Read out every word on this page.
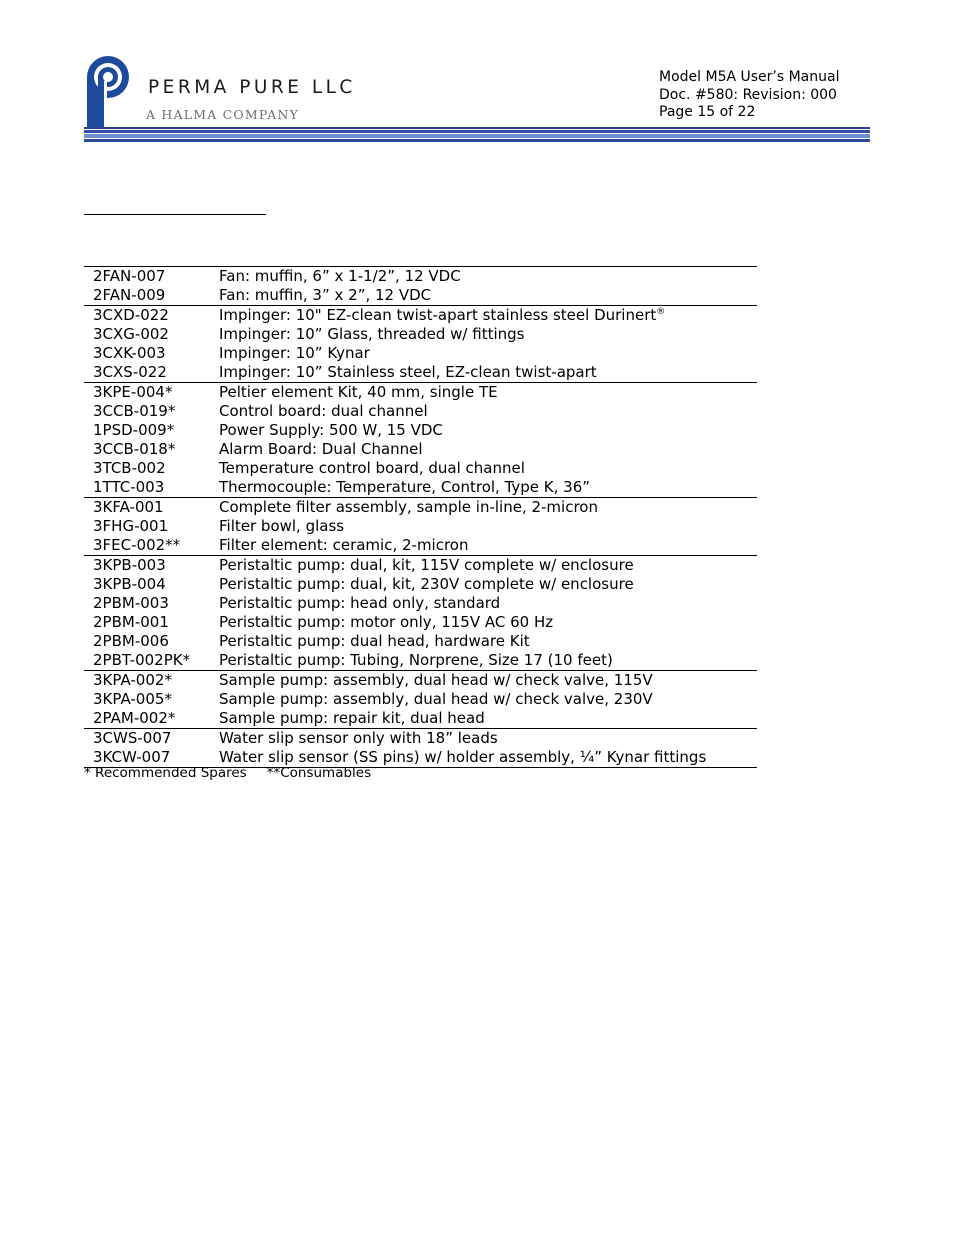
PERMA PURE LLC
A HALMA COMPANY
Model M5A User’s Manual
Doc. #580: Revision: 000
Page 15 of 22
2FAN-007	Fan: muffin, 6” x 1-1/2”, 12 VDC
2FAN-009	Fan: muffin, 3” x 2”, 12 VDC
3CXD-022	Impinger: 10" EZ-clean twist-apart stainless steel Durinert®
3CXG-002	Impinger: 10” Glass, threaded w/ fittings
3CXK-003	Impinger: 10” Kynar
3CXS-022	Impinger: 10” Stainless steel, EZ-clean twist-apart
3KPE-004*	Peltier element Kit, 40 mm, single TE
3CCB-019*	Control board: dual channel
1PSD-009*	Power Supply: 500 W, 15 VDC
3CCB-018*	Alarm Board: Dual Channel
3TCB-002	Temperature control board, dual channel
1TTC-003	Thermocouple: Temperature, Control, Type K, 36”
3KFA-001	Complete filter assembly, sample in-line, 2-micron
3FHG-001	Filter bowl, glass
3FEC-002**	Filter element: ceramic, 2-micron
3KPB-003	Peristaltic pump: dual, kit, 115V complete w/ enclosure
3KPB-004	Peristaltic pump: dual, kit, 230V complete w/ enclosure
2PBM-003	Peristaltic pump: head only, standard
2PBM-001	Peristaltic pump: motor only, 115V AC 60 Hz
2PBM-006	Peristaltic pump: dual head, hardware Kit
2PBT-002PK* Peristaltic pump: Tubing, Norprene, Size 17 (10 feet)
3KPA-002*	Sample pump: assembly, dual head w/ check valve, 115V
3KPA-005*	Sample pump: assembly, dual head w/ check valve, 230V
2PAM-002*	Sample pump: repair kit, dual head
3CWS-007	Water slip sensor only with 18” leads
3KCW-007	Water slip sensor (SS pins) w/ holder assembly, ¼” Kynar fittings
* Recommended Spares **Consumables
